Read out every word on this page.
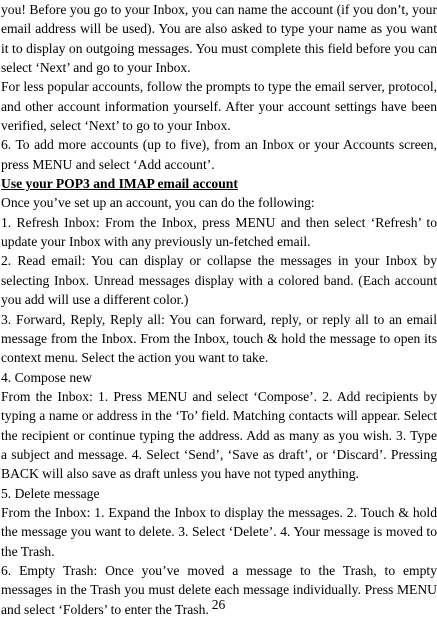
you! Before you go to your Inbox, you can name the account (if you don’t, your email address will be used). You are also asked to type your name as you want it to display on outgoing messages. You must complete this field before you can select ‘Next’ and go to your Inbox.

For less popular accounts, follow the prompts to type the email server, protocol, and other account information yourself. After your account settings have been verified, select ‘Next’ to go to your Inbox.

6. To add more accounts (up to five), from an Inbox or your Accounts screen, press MENU and select ‘Add account’.

Use your POP3 and IMAP email account

Once you’ve set up an account, you can do the following:

1. Refresh Inbox: From the Inbox, press MENU and then select ‘Refresh’ to update your Inbox with any previously un-fetched email.

2. Read email: You can display or collapse the messages in your Inbox by selecting Inbox. Unread messages display with a colored band. (Each account you add will use a different color.)

3. Forward, Reply, Reply all: You can forward, reply, or reply all to an email message from the Inbox. From the Inbox, touch & hold the message to open its context menu. Select the action you want to take.

4. Compose new

From the Inbox: 1. Press MENU and select ‘Compose’. 2. Add recipients by typing a name or address in the ‘To’ field. Matching contacts will appear. Select the recipient or continue typing the address. Add as many as you wish. 3. Type a subject and message. 4. Select ‘Send’, ‘Save as draft’, or ‘Discard’. Pressing BACK will also save as draft unless you have not typed anything.

5. Delete message

From the Inbox: 1. Expand the Inbox to display the messages. 2. Touch & hold the message you want to delete. 3. Select ‘Delete’. 4. Your message is moved to the Trash.

6. Empty Trash: Once you’ve moved a message to the Trash, to empty messages in the Trash you must delete each message individually. Press MENU and select ‘Folders’ to enter the Trash. 26
